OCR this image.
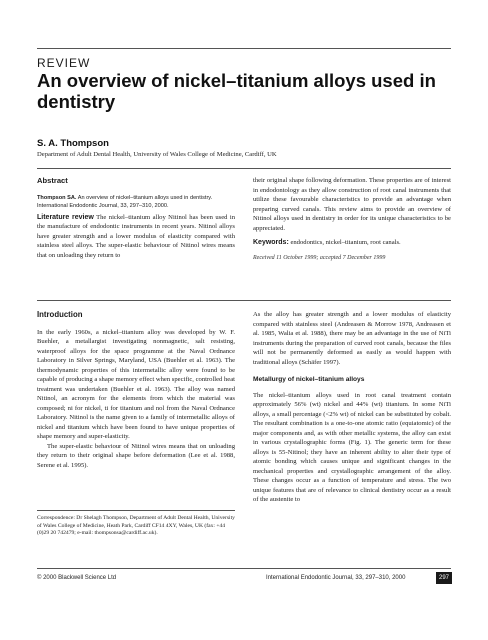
REVIEW
An overview of nickel–titanium alloys used in dentistry
S. A. Thompson
Department of Adult Dental Health, University of Wales College of Medicine, Cardiff, UK
Abstract
Thompson SA. An overview of nickel–titanium alloys used in dentistry. International Endodontic Journal, 33, 297–310, 2000.

Literature review The nickel–titanium alloy Nitinol has been used in the manufacture of endodontic instruments in recent years. Nitinol alloys have greater strength and a lower modulus of elasticity compared with stainless steel alloys. The super-elastic behaviour of Nitinol wires means that on unloading they return to

their original shape following deformation. These properties are of interest in endodontology as they allow construction of root canal instruments that utilize these favourable characteristics to provide an advantage when preparing curved canals. This review aims to provide an overview of Nitinol alloys used in dentistry in order for its unique characteristics to be appreciated.

Keywords: endodontics, nickel–titanium, root canals.

Received 11 October 1999; accepted 7 December 1999
Introduction

In the early 1960s, a nickel–titanium alloy was developed by W. F. Buehler, a metallargist investigating nonmagnetic, salt resisting, waterproof alloys for the space programme at the Naval Ordnance Laboratory in Silver Springs, Maryland, USA (Buehler et al. 1963). The thermodynamic properties of this intermetallic alloy were found to be capable of producing a shape memory effect when specific, controlled heat treatment was undertaken (Buehler et al. 1963). The alloy was named Nitinol, an acronym for the elements from which the material was composed; ni for nickel, ti for titanium and nol from the Naval Ordnance Laboratory. Nitinol is the name given to a family of intermetallic alloys of nickel and titanium which have been found to have unique properties of shape memory and super-elasticity.

The super-elastic behaviour of Nitinol wires means that on unloading they return to their original shape before deformation (Lee et al. 1988, Serene et al. 1995).

As the alloy has greater strength and a lower modulus of elasticity compared with stainless steel (Andreasen & Morrow 1978, Andreasen et al. 1985, Walia et al. 1988), there may be an advantage in the use of NiTi instruments during the preparation of curved root canals, because the files will not be permanently deformed as easily as would happen with traditional alloys (Schäfer 1997).

Metallurgy of nickel–titanium alloys

The nickel–titanium alloys used in root canal treatment contain approximately 56% (wt) nickel and 44% (wt) titanium. In some NiTi alloys, a small percentage (<2% wt) of nickel can be substituted by cobalt. The resultant combination is a one-to-one atomic ratio (equiatomic) of the major components and, as with other metallic systems, the alloy can exist in various crystallographic forms (Fig. 1). The generic term for these alloys is 55-Nitinol; they have an inherent ability to alter their type of atomic bonding which causes unique and significant changes in the mechanical properties and crystallographic arrangement of the alloy. These changes occur as a function of temperature and stress. The two unique features that are of relevance to clinical dentistry occur as a result of the austenite to

Correspondence: Dr Shelagh Thompson, Department of Adult Dental Health, University of Wales College of Medicine, Heath Park, Cardiff CF14 4XY, Wales, UK (fax: +44 (0)29 20 742479; e-mail: thompsonsa@cardiff.ac.uk).
© 2000 Blackwell Science Ltd	International Endodontic Journal, 33, 297–310, 2000	297
